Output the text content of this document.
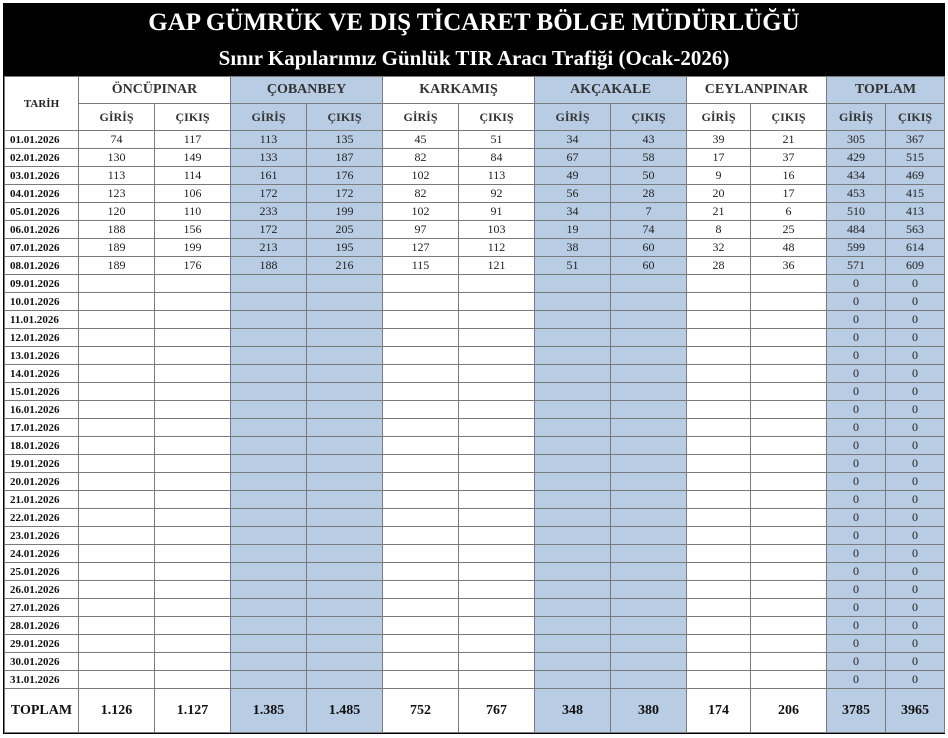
GAP GÜMRÜK VE DIŞ TİCARET BÖLGE MÜDÜRLÜĞÜ
Sınır Kapılarımız Günlük TIR Aracı Trafiği (Ocak-2026)
TARİH	ÖNCÜPINAR		ÇOBANBEY		KARKAMIŞ		AKÇAKALE		CEYLANPINAR		TOPLAM	
	GİRİŞ	ÇIKIŞ	GİRİŞ	ÇIKIŞ	GİRİŞ	ÇIKIŞ	GİRİŞ	ÇIKIŞ	GİRİŞ	ÇIKIŞ	GİRİŞ	ÇIKIŞ
01.01.2026	74	117	113	135	45	51	34	43	39	21	305	367
02.01.2026	130	149	133	187	82	84	67	58	17	37	429	515
03.01.2026	113	114	161	176	102	113	49	50	9	16	434	469
04.01.2026	123	106	172	172	82	92	56	28	20	17	453	415
05.01.2026	120	110	233	199	102	91	34	7	21	6	510	413
06.01.2026	188	156	172	205	97	103	19	74	8	25	484	563
07.01.2026	189	199	213	195	127	112	38	60	32	48	599	614
08.01.2026	189	176	188	216	115	121	51	60	28	36	571	609
09.01.2026											0	0
10.01.2026											0	0
11.01.2026											0	0
12.01.2026											0	0
13.01.2026											0	0
14.01.2026											0	0
15.01.2026											0	0
16.01.2026											0	0
17.01.2026											0	0
18.01.2026											0	0
19.01.2026											0	0
20.01.2026											0	0
21.01.2026											0	0
22.01.2026											0	0
23.01.2026											0	0
24.01.2026											0	0
25.01.2026											0	0
26.01.2026											0	0
27.01.2026											0	0
28.01.2026											0	0
29.01.2026											0	0
30.01.2026											0	0
31.01.2026											0	0
TOPLAM	1.126	1.127	1.385	1.485	752	767	348	380	174	206	3785	3965
